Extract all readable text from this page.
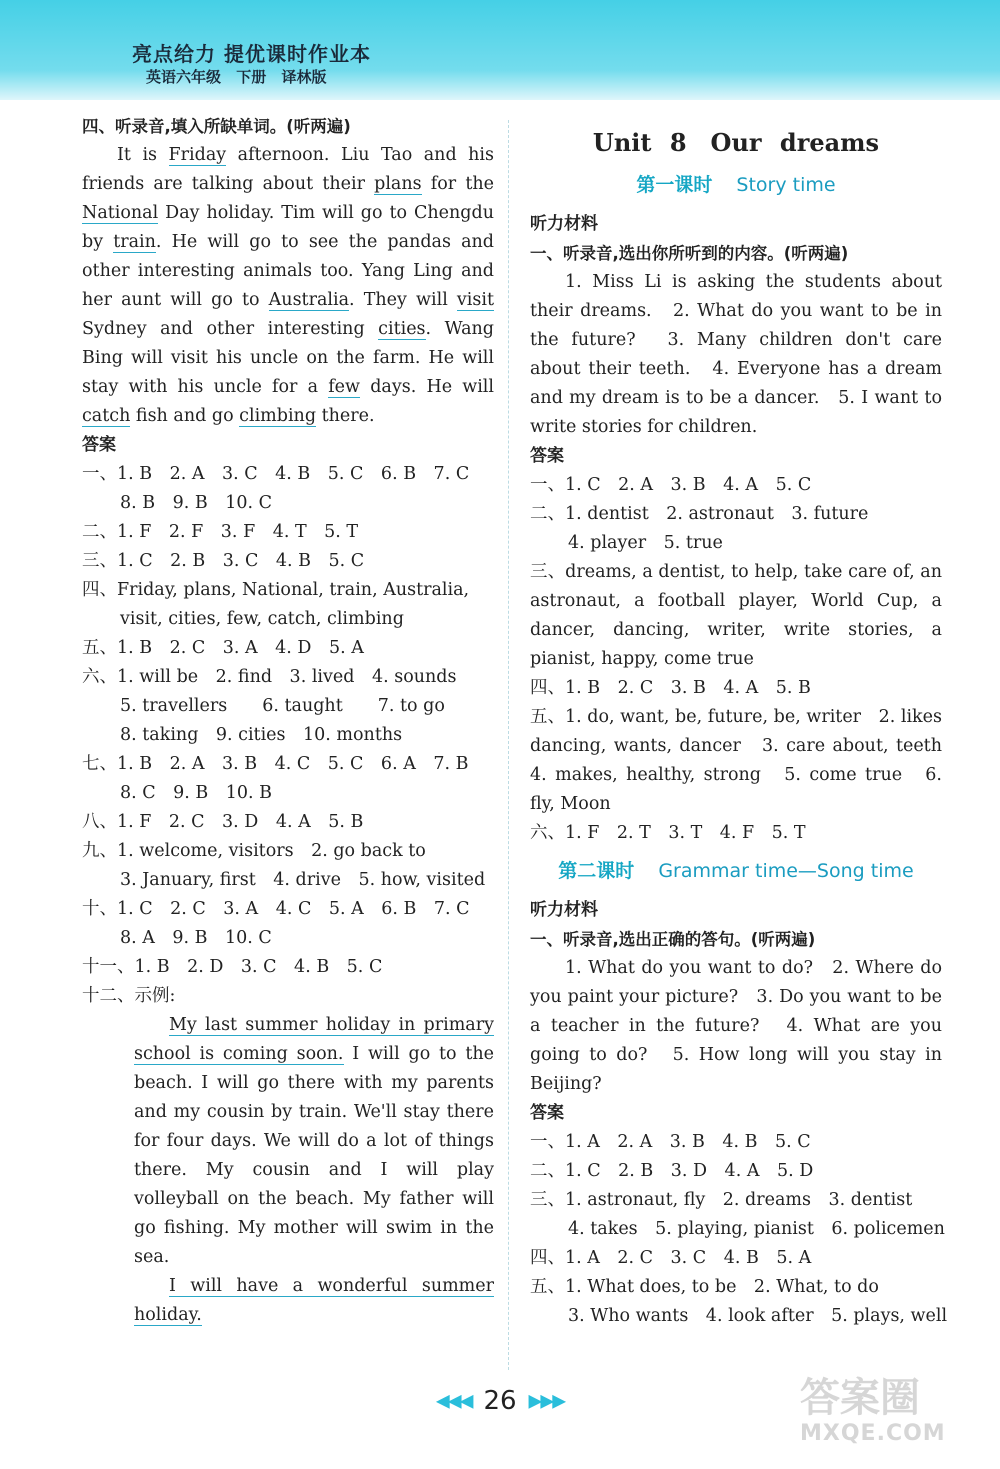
亮点给力 提优课时作业本
英语六年级 下册 译林版
四、听录音,填入所缺单词。(听两遍)
It is Friday afternoon. Liu Tao and his friends are talking about their plans for the National Day holiday. Tim will go to Chengdu by train. He will go to see the pandas and other interesting animals too. Yang Ling and her aunt will go to Australia. They will visit Sydney and other interesting cities. Wang Bing will visit his uncle on the farm. He will stay with his uncle for a few days. He will catch fish and go climbing there.
答案
一、1. B　2. A　3. C　4. B　5. C　6. B　7. C
8. B　9. B　10. C
二、1. F　2. F　3. F　4. T　5. T
三、1. C　2. B　3. C　4. B　5. C
四、Friday, plans, National, train, Australia,
visit, cities, few, catch, climbing
五、1. B　2. C　3. A　4. D　5. A
六、1. will be　2. find　3. lived　4. sounds
5. travellers　　6. taught　　7. to go
8. taking　9. cities　10. months
七、1. B　2. A　3. B　4. C　5. C　6. A　7. B
8. C　9. B　10. B
八、1. F　2. C　3. D　4. A　5. B
九、1. welcome, visitors　2. go back to
3. January, first　4. drive　5. how, visited
十、1. C　2. C　3. A　4. C　5. A　6. B　7. C
8. A　9. B　10. C
十一、1. B　2. D　3. C　4. B　5. C
十二、示例:
My last summer holiday in primary school is coming soon. I will go to the beach. I will go there with my parents and my cousin by train. We'll stay there for four days. We will do a lot of things there. My cousin and I will play volleyball on the beach. My father will go fishing. My mother will swim in the sea.
I will have a wonderful summer holiday.
Unit 8　Our dreams
第一课时 Story time
听力材料
一、听录音,选出你所听到的内容。(听两遍)
1. Miss Li is asking the students about their dreams.　2. What do you want to be in the future?　3. Many children don't care about their teeth.　4. Everyone has a dream and my dream is to be a dancer.　5. I want to write stories for children.
答案
一、1. C　2. A　3. B　4. A　5. C
二、1. dentist　2. astronaut　3. future
4. player　5. true
三、dreams, a dentist, to help, take care of, an astronaut, a football player, World Cup, a dancer, dancing, writer, write stories, a pianist, happy, come true
四、1. B　2. C　3. B　4. A　5. B
五、1. do, want, be, future, be, writer　2. likes dancing, wants, dancer　3. care about, teeth　4. makes, healthy, strong　5. come true　6. fly, Moon
六、1. F　2. T　3. T　4. F　5. T
第二课时 Grammar time—Song time
听力材料
一、听录音,选出正确的答句。(听两遍)
1. What do you want to do?　2. Where do you paint your picture?　3. Do you want to be a teacher in the future?　4. What are you going to do?　5. How long will you stay in Beijing?
答案
一、1. A　2. A　3. B　4. B　5. C
二、1. C　2. B　3. D　4. A　5. D
三、1. astronaut, fly　2. dreams　3. dentist
4. takes　5. playing, pianist　6. policemen
四、1. A　2. C　3. C　4. B　5. A
五、1. What does, to be　2. What, to do
3. Who wants　4. look after　5. plays, well
◀◀◀ 26 ▶▶▶	答案圈
MXQE.COM
